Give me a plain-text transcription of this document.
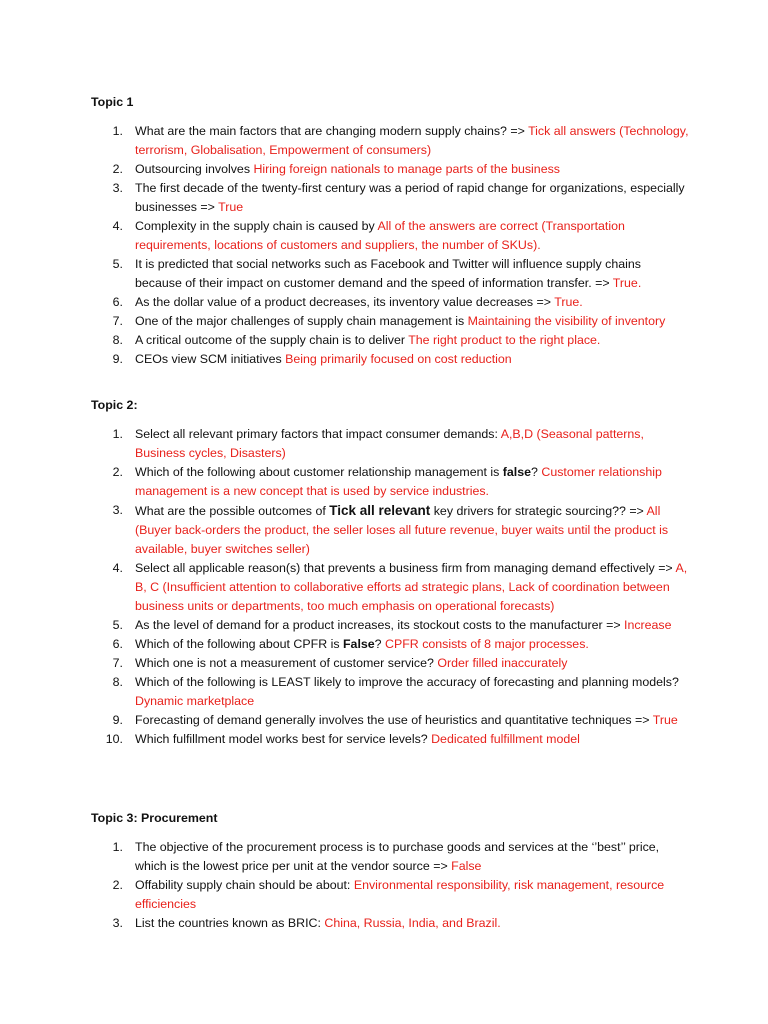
Topic 1

1. What are the main factors that are changing modern supply chains? => Tick all answers (Technology, terrorism, Globalisation, Empowerment of consumers)
2. Outsourcing involves Hiring foreign nationals to manage parts of the business
3. The first decade of the twenty-first century was a period of rapid change for organizations, especially businesses => True
4. Complexity in the supply chain is caused by All of the answers are correct (Transportation requirements, locations of customers and suppliers, the number of SKUs).
5. It is predicted that social networks such as Facebook and Twitter will influence supply chains because of their impact on customer demand and the speed of information transfer. => True.
6. As the dollar value of a product decreases, its inventory value decreases => True.
7. One of the major challenges of supply chain management is Maintaining the visibility of inventory
8. A critical outcome of the supply chain is to deliver The right product to the right place.
9. CEOs view SCM initiatives Being primarily focused on cost reduction

Topic 2:

1. Select all relevant primary factors that impact consumer demands: A,B,D (Seasonal patterns, Business cycles, Disasters)
2. Which of the following about customer relationship management is false? Customer relationship management is a new concept that is used by service industries.
3. What are the possible outcomes of Tick all relevant key drivers for strategic sourcing?? => All (Buyer back-orders the product, the seller loses all future revenue, buyer waits until the product is available, buyer switches seller)
4. Select all applicable reason(s) that prevents a business firm from managing demand effectively => A, B, C (Insufficient attention to collaborative efforts ad strategic plans, Lack of coordination between business units or departments, too much emphasis on operational forecasts)
5. As the level of demand for a product increases, its stockout costs to the manufacturer => Increase
6. Which of the following about CPFR is False? CPFR consists of 8 major processes.
7. Which one is not a measurement of customer service? Order filled inaccurately
8. Which of the following is LEAST likely to improve the accuracy of forecasting and planning models? Dynamic marketplace
9. Forecasting of demand generally involves the use of heuristics and quantitative techniques => True
10. Which fulfillment model works best for service levels? Dedicated fulfillment model

Topic 3: Procurement

1. The objective of the procurement process is to purchase goods and services at the ‘’best’’ price, which is the lowest price per unit at the vendor source => False
2. Offability supply chain should be about: Environmental responsibility, risk management, resource efficiencies
3. List the countries known as BRIC: China, Russia, India, and Brazil.
